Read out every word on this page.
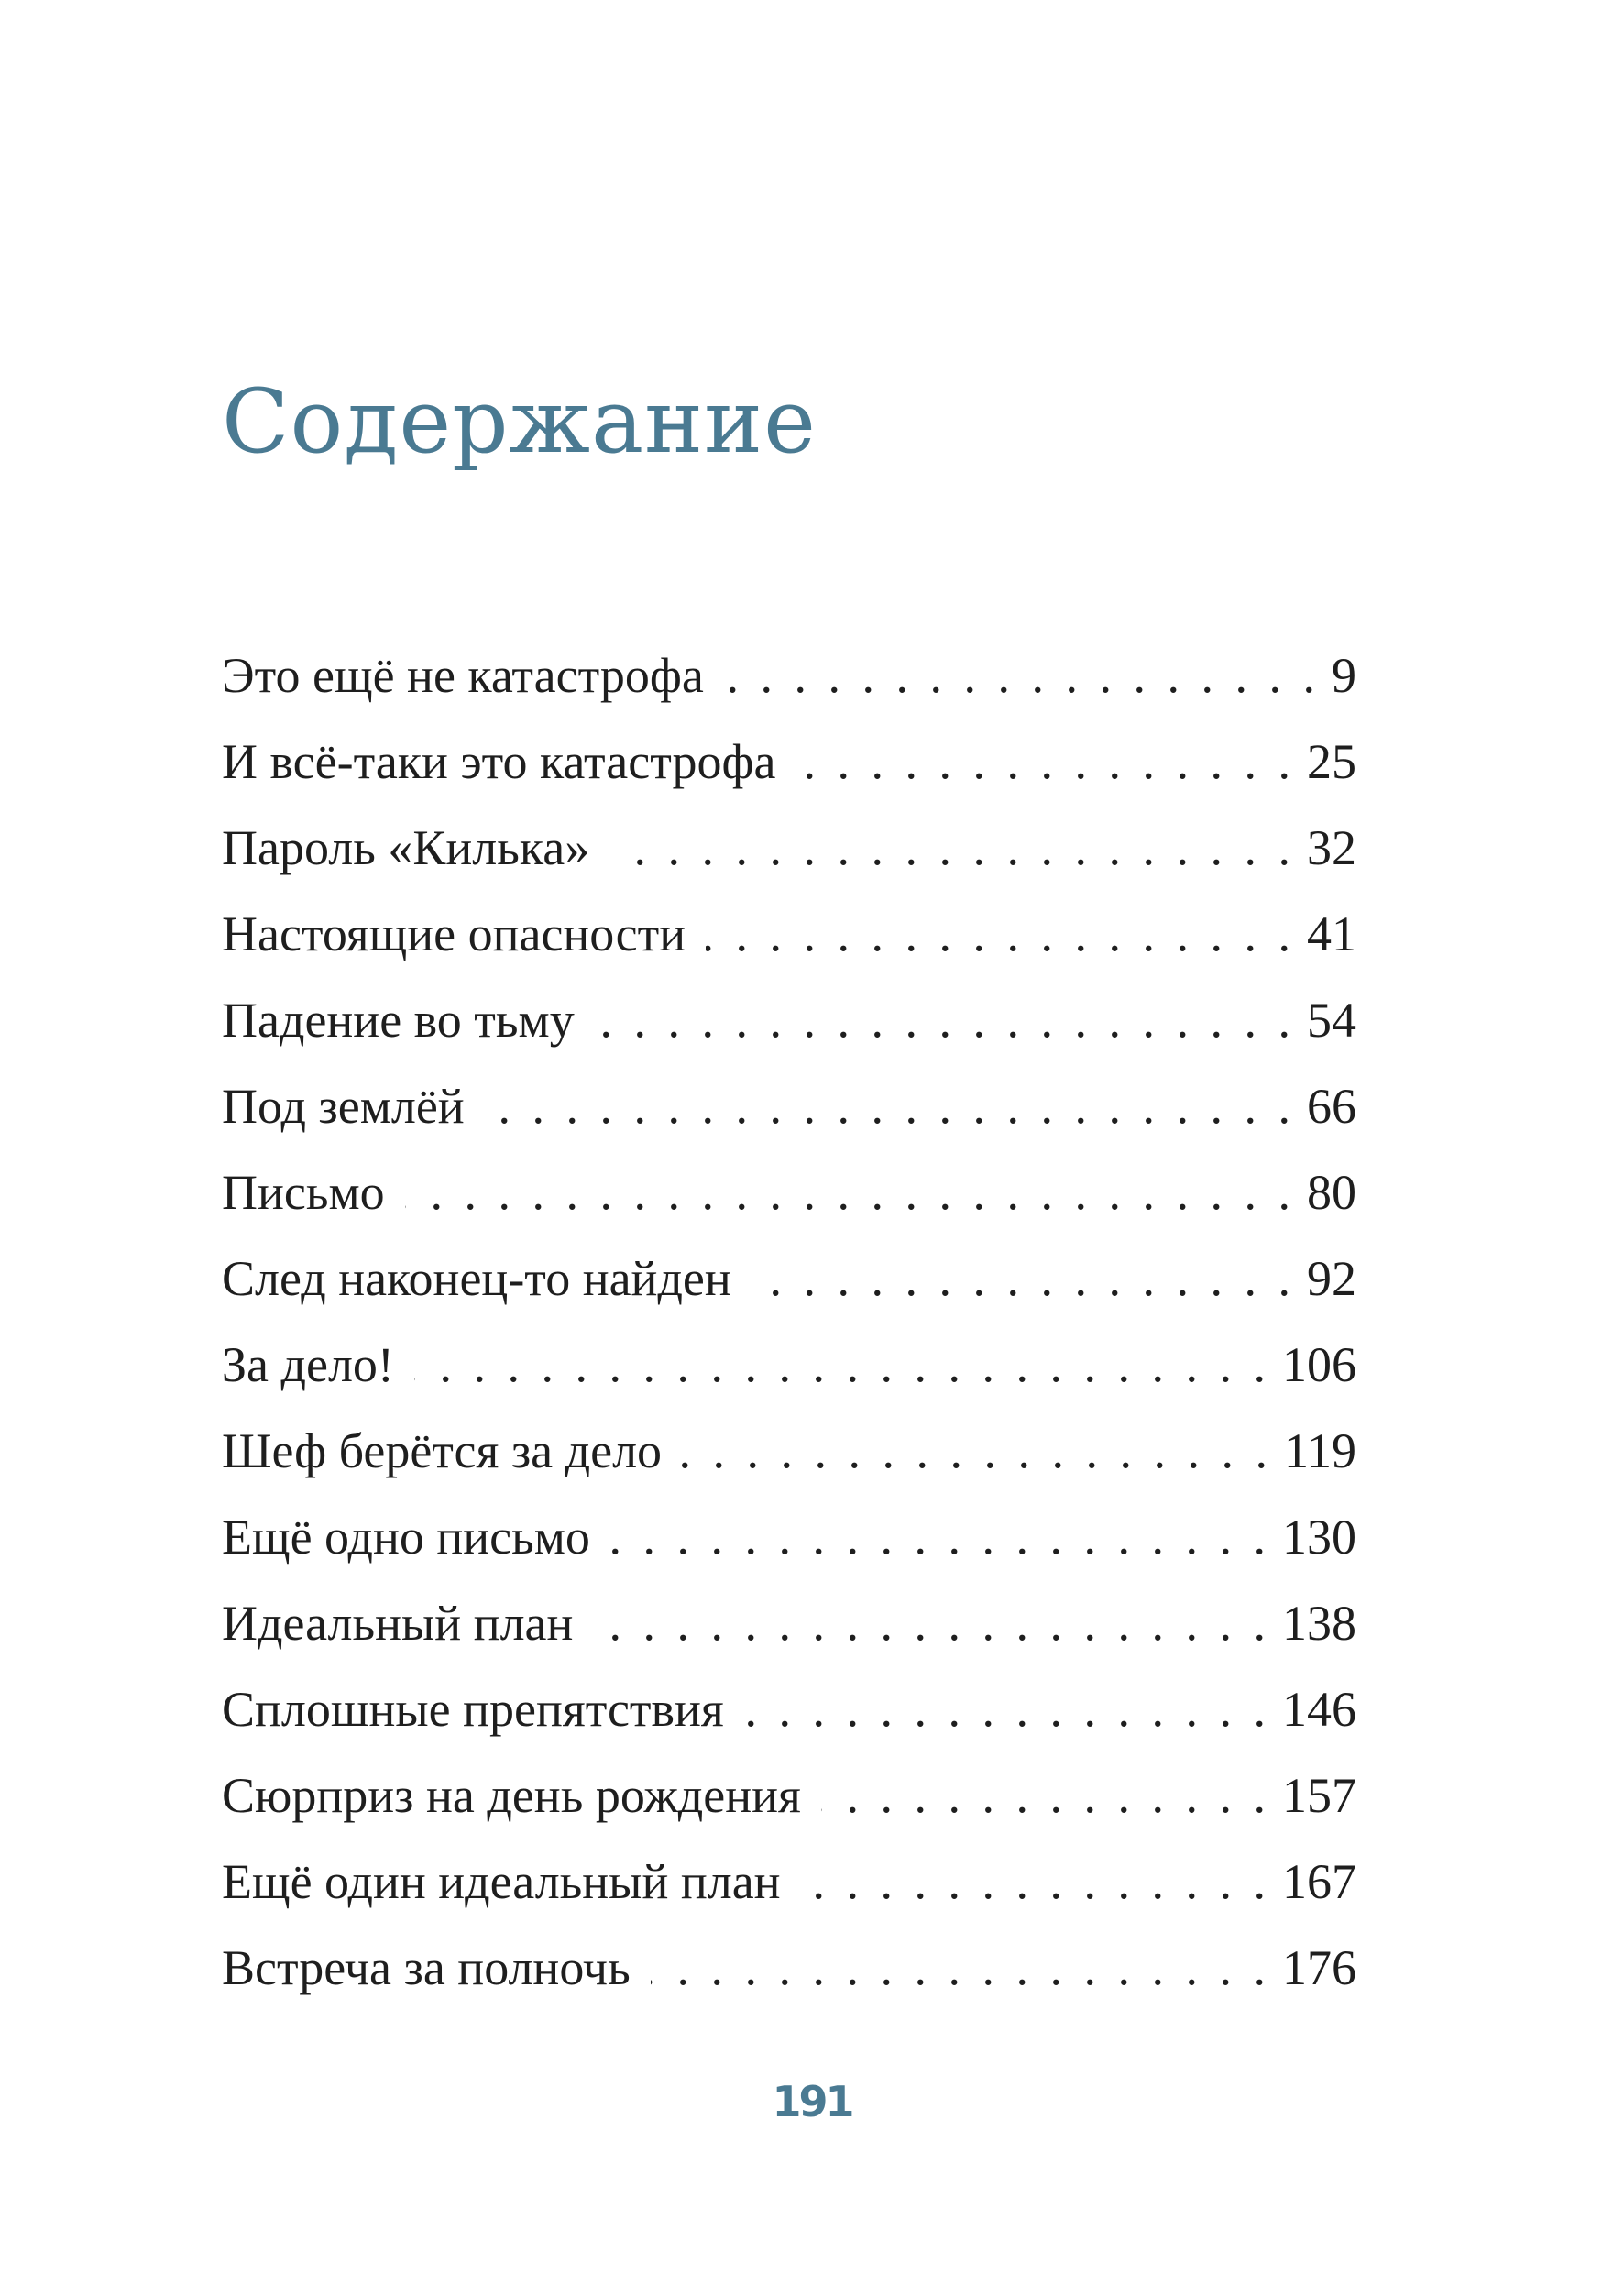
Содержание
Это ещё не катастрофа . . .	9
И всё-таки это катастрофа . . .	25
Пароль «Килька» . . .	32
Настоящие опасности . . .	41
Падение во тьму . . .	54
Под землёй . . .	66
Письмо . . .	80
След наконец-то найден . . .	92
За дело! . . .	106
Шеф берётся за дело . . .	119
Ещё одно письмо . . .	130
Идеальный план . . .	138
Сплошные препятствия . . .	146
Сюрприз на день рождения . . .	157
Ещё один идеальный план . . .	167
Встреча за полночь . . .	176
191
